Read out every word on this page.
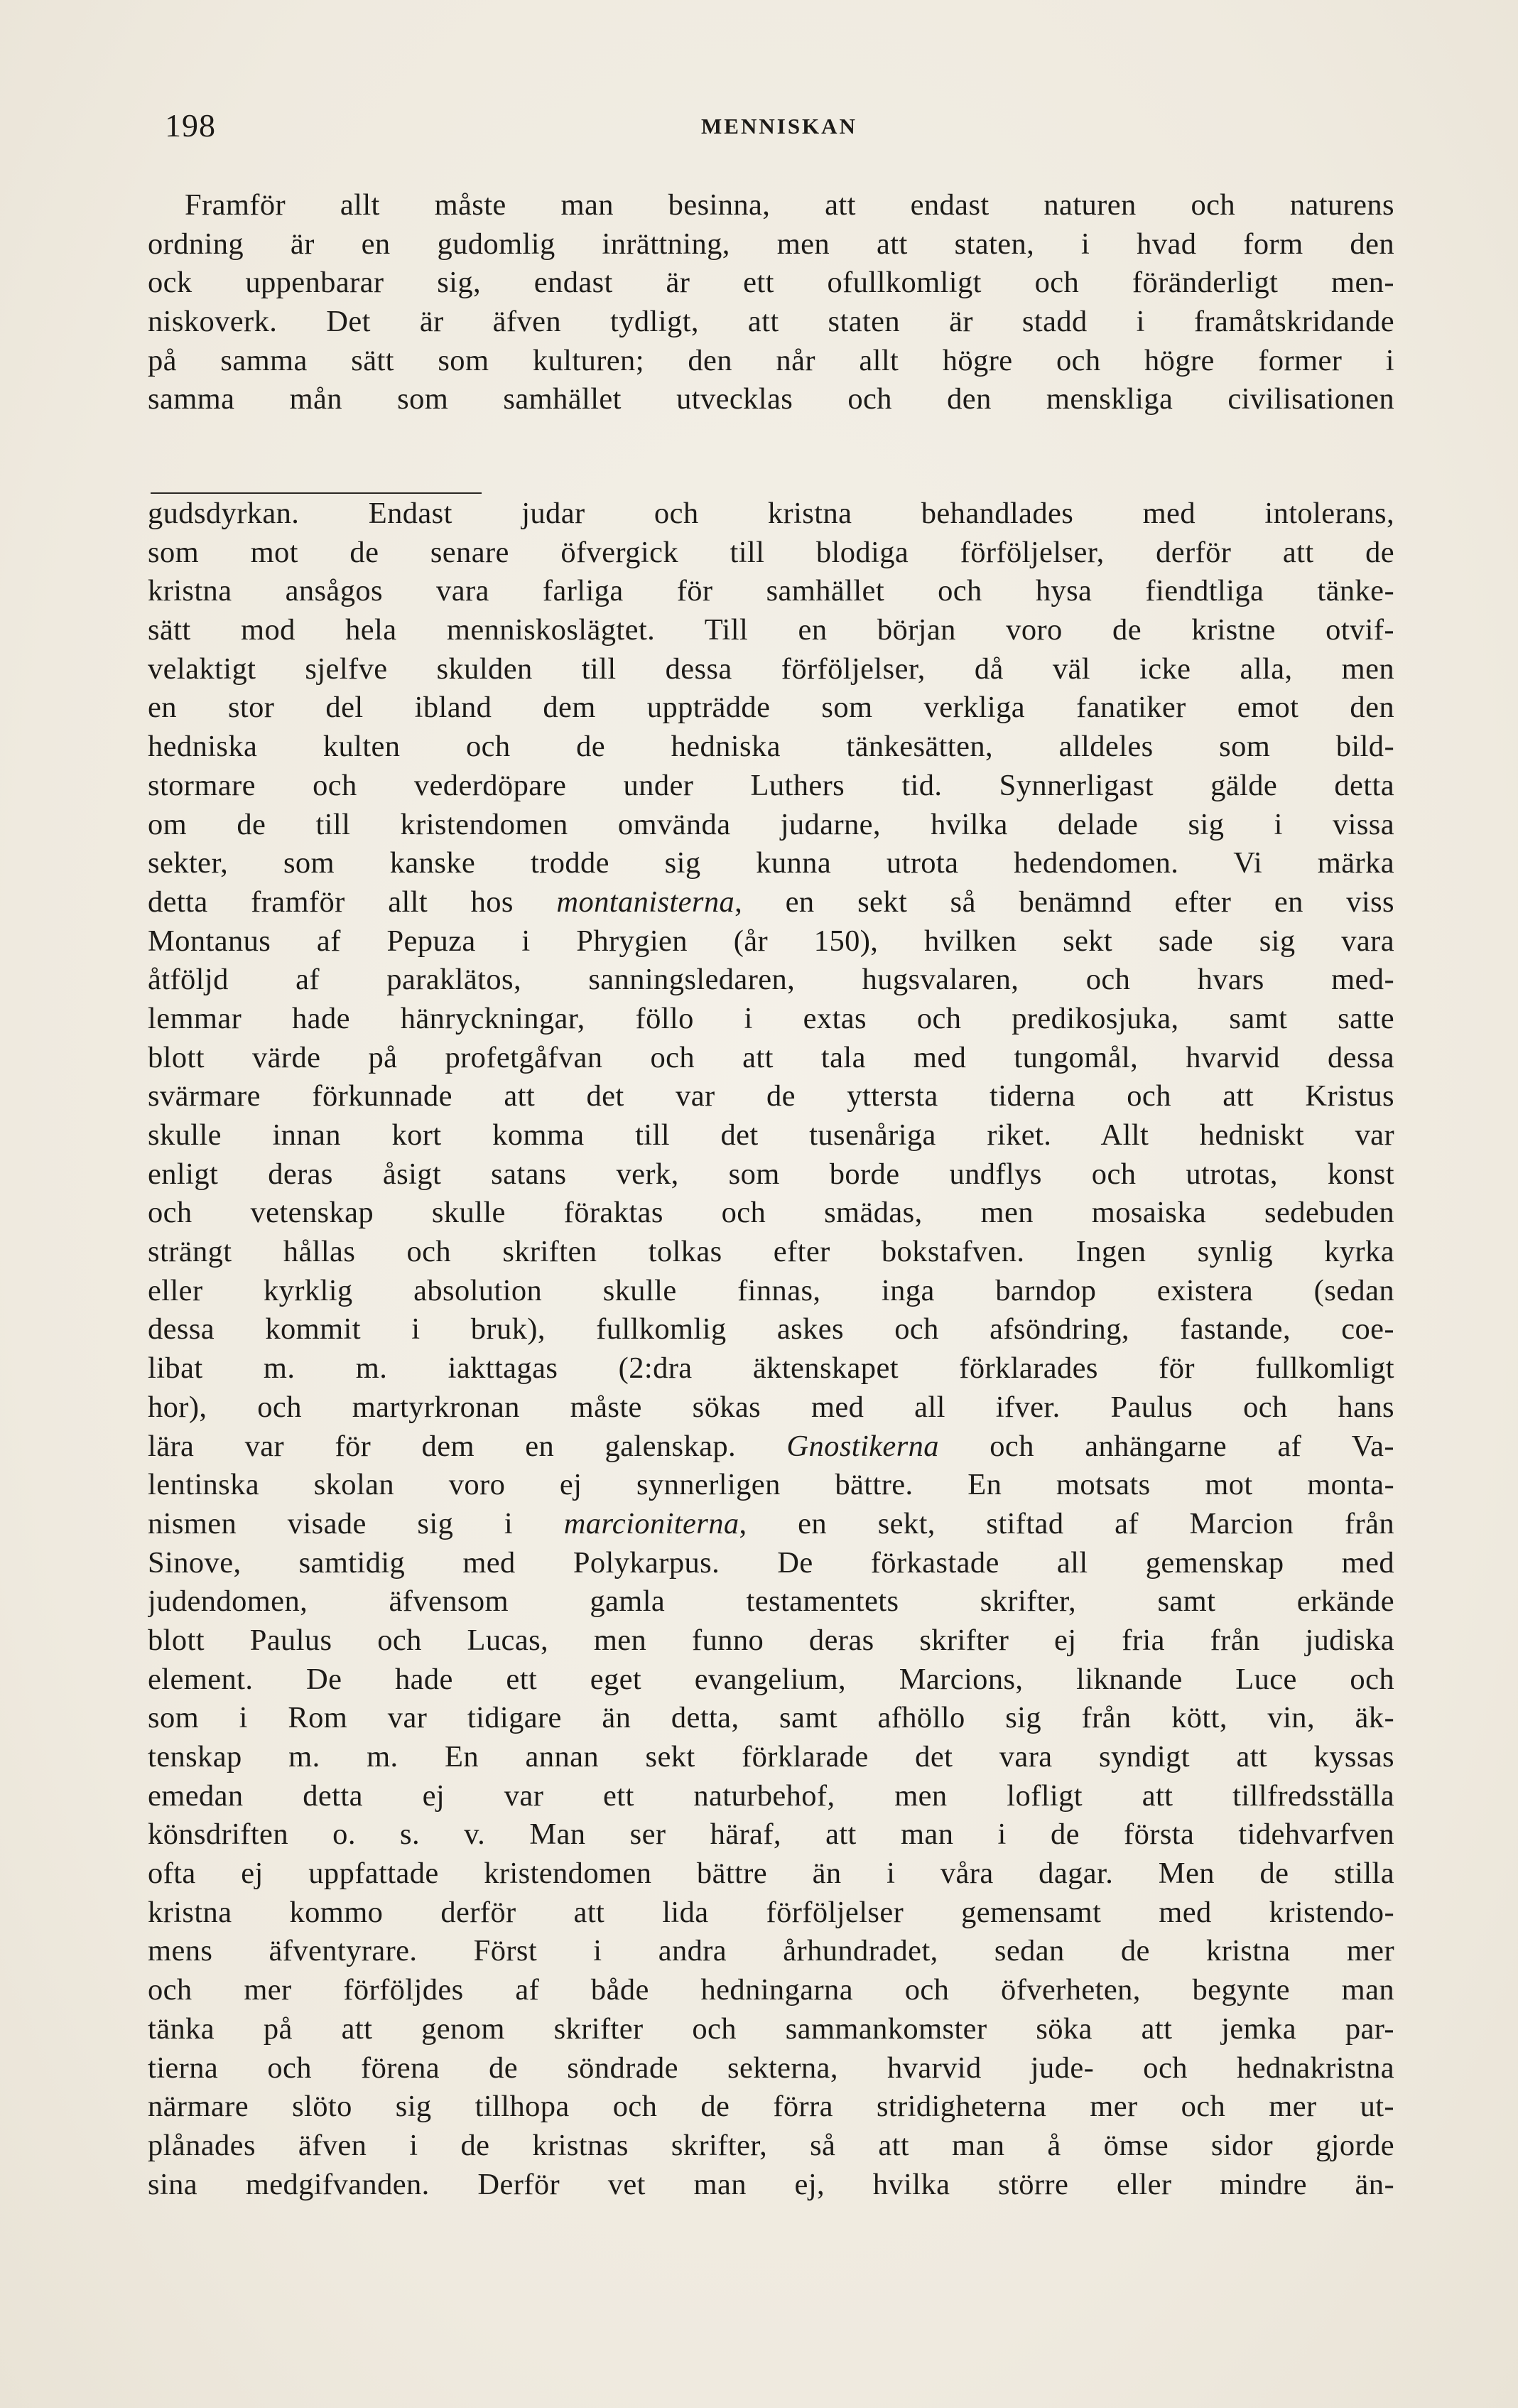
198	MENNISKAN
Framför allt måste man besinna, att endast naturen och naturens
ordning är en gudomlig inrättning, men att staten, i hvad form den
ock uppenbarar sig, endast är ett ofullkomligt och föränderligt men-
niskoverk. Det är äfven tydligt, att staten är stadd i framåtskridande
på samma sätt som kulturen; den når allt högre och högre former i
samma mån som samhället utvecklas och den menskliga civilisationen
gudsdyrkan. Endast judar och kristna behandlades med intolerans,
som mot de senare öfvergick till blodiga förföljelser, derför att de
kristna ansågos vara farliga för samhället och hysa fiendtliga tänke-
sätt mod hela menniskoslägtet. Till en början voro de kristne otvif-
velaktigt sjelfve skulden till dessa förföljelser, då väl icke alla, men
en stor del ibland dem uppträdde som verkliga fanatiker emot den
hedniska kulten och de hedniska tänkesätten, alldeles som bild-
stormare och vederdöpare under Luthers tid. Synnerligast gälde detta
om de till kristendomen omvända judarne, hvilka delade sig i vissa
sekter, som kanske trodde sig kunna utrota hedendomen. Vi märka
detta framför allt hos montanisterna, en sekt så benämnd efter en viss
Montanus af Pepuza i Phrygien (år 150), hvilken sekt sade sig vara
åtföljd af paraklätos, sanningsledaren, hugsvalaren, och hvars med-
lemmar hade hänryckningar, föllo i extas och predikosjuka, samt satte
blott värde på profetgåfvan och att tala med tungomål, hvarvid dessa
svärmare förkunnade att det var de yttersta tiderna och att Kristus
skulle innan kort komma till det tusenåriga riket. Allt hedniskt var
enligt deras åsigt satans verk, som borde undflys och utrotas, konst
och vetenskap skulle föraktas och smädas, men mosaiska sedebuden
strängt hållas och skriften tolkas efter bokstafven. Ingen synlig kyrka
eller kyrklig absolution skulle finnas, inga barndop existera (sedan
dessa kommit i bruk), fullkomlig askes och afsöndring, fastande, coe-
libat m. m. iakttagas (2:dra äktenskapet förklarades för fullkomligt
hor), och martyrkronan måste sökas med all ifver. Paulus och hans
lära var för dem en galenskap. Gnostikerna och anhängarne af Va-
lentinska skolan voro ej synnerligen bättre. En motsats mot monta-
nismen visade sig i marcioniterna, en sekt, stiftad af Marcion från
Sinove, samtidig med Polykarpus. De förkastade all gemenskap med
judendomen, äfvensom gamla testamentets skrifter, samt erkände
blott Paulus och Lucas, men funno deras skrifter ej fria från judiska
element. De hade ett eget evangelium, Marcions, liknande Luce och
som i Rom var tidigare än detta, samt afhöllo sig från kött, vin, äk-
tenskap m. m. En annan sekt förklarade det vara syndigt att kyssas
emedan detta ej var ett naturbehof, men lofligt att tillfredsställa
könsdriften o. s. v. Man ser häraf, att man i de första tidehvarfven
ofta ej uppfattade kristendomen bättre än i våra dagar. Men de stilla
kristna kommo derför att lida förföljelser gemensamt med kristendo-
mens äfventyrare. Först i andra århundradet, sedan de kristna mer
och mer förföljdes af både hedningarna och öfverheten, begynte man
tänka på att genom skrifter och sammankomster söka att jemka par-
tierna och förena de söndrade sekterna, hvarvid jude- och hednakristna
närmare slöto sig tillhopa och de förra stridigheterna mer och mer ut-
plånades äfven i de kristnas skrifter, så att man å ömse sidor gjorde
sina medgifvanden. Derför vet man ej, hvilka större eller mindre än-
